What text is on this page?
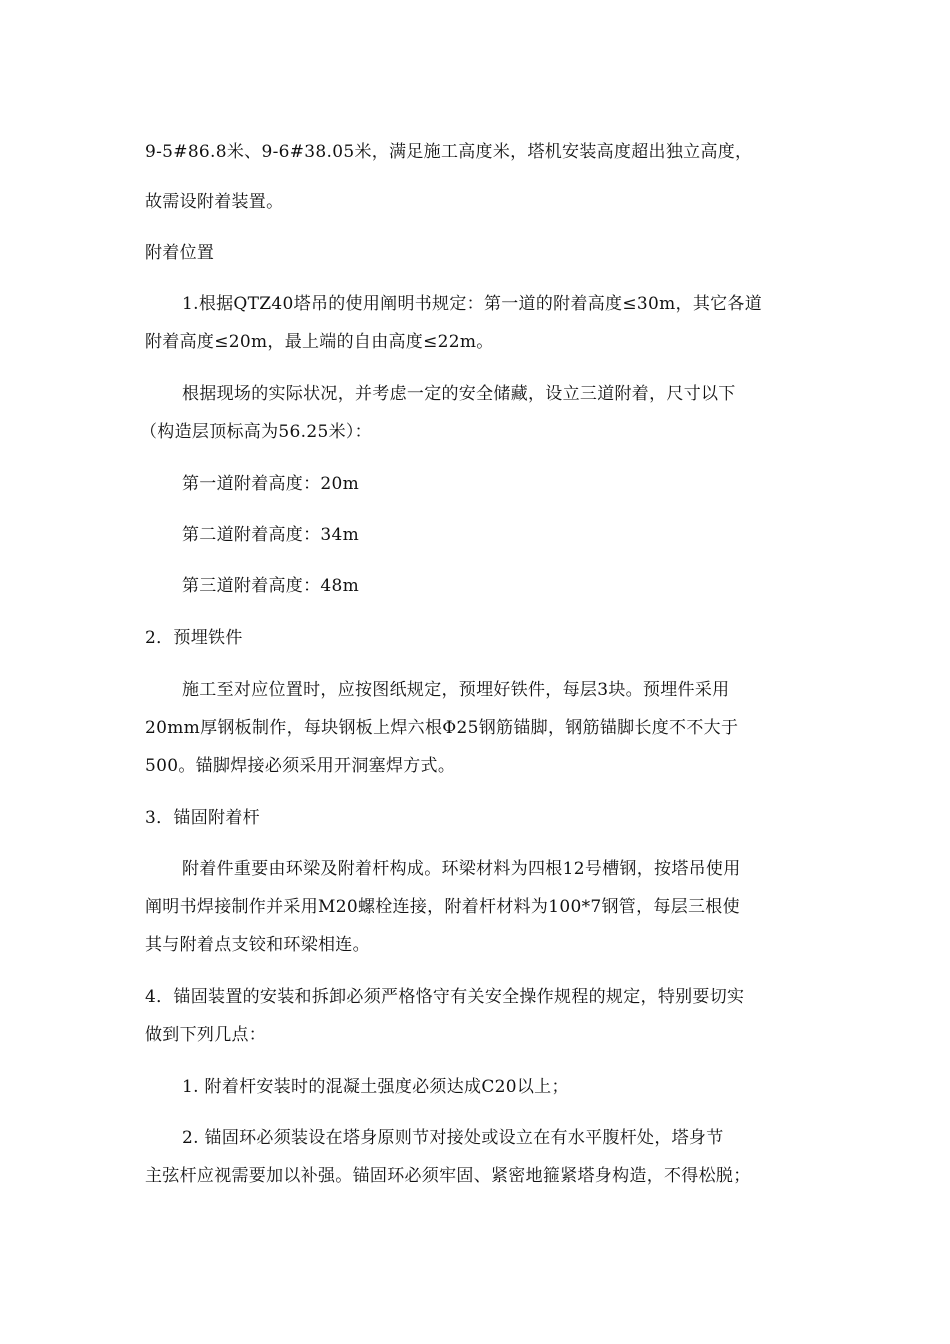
9-5#86.8米、9-6#38.05米，满足施工高度米，塔机安装高度超出独立高度，
故需设附着装置。
附着位置
1.根据QTZ40塔吊的使用阐明书规定：第一道的附着高度≤30m，其它各道
附着高度≤20m，最上端的自由高度≤22m。
根据现场的实际状况，并考虑一定的安全储藏，设立三道附着，尺寸以下
（构造层顶标高为56.25米）：
第一道附着高度：20m
第二道附着高度：34m
第三道附着高度：48m
2．预埋铁件
施工至对应位置时，应按图纸规定，预埋好铁件，每层3块。预埋件采用
20mm厚钢板制作，每块钢板上焊六根Φ25钢筋锚脚，钢筋锚脚长度不不大于
500。锚脚焊接必须采用开洞塞焊方式。
3．锚固附着杆
附着件重要由环梁及附着杆构成。环梁材料为四根12号槽钢，按塔吊使用
阐明书焊接制作并采用M20螺栓连接，附着杆材料为100*7钢管，每层三根使
其与附着点支铰和环梁相连。
4．锚固装置的安装和拆卸必须严格恪守有关安全操作规程的规定，特别要切实
做到下列几点：
1. 附着杆安装时的混凝土强度必须达成C20以上；
2. 锚固环必须装设在塔身原则节对接处或设立在有水平腹杆处，塔身节
主弦杆应视需要加以补强。锚固环必须牢固、紧密地箍紧塔身构造，不得松脱；
